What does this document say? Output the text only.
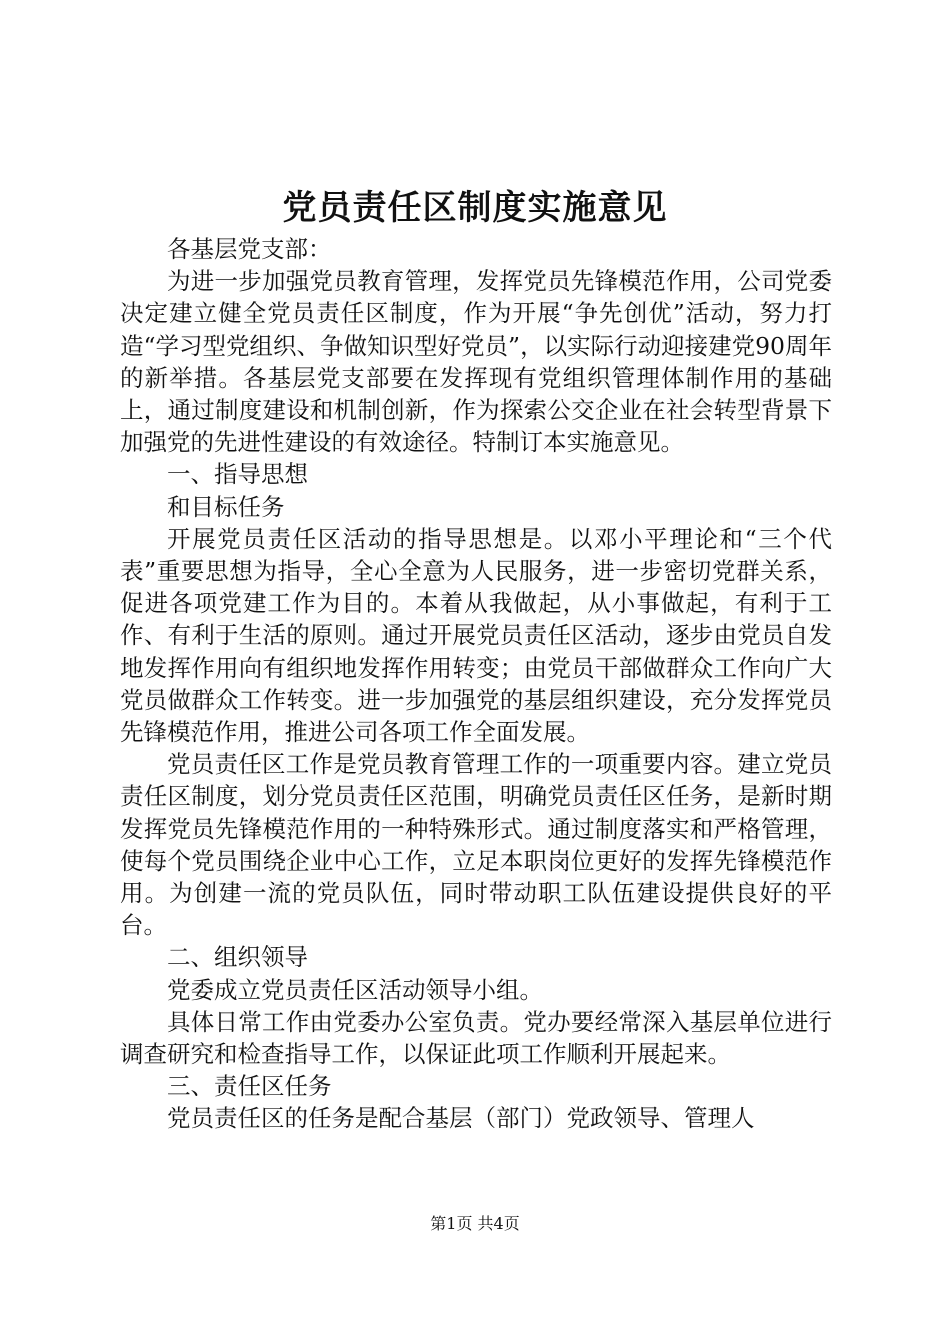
党员责任区制度实施意见

各基层党支部：

为进一步加强党员教育管理，发挥党员先锋模范作用，公司党委决定建立健全党员责任区制度，作为开展“争先创优”活动，努力打造“学习型党组织、争做知识型好党员”，以实际行动迎接建党90周年的新举措。各基层党支部要在发挥现有党组织管理体制作用的基础上，通过制度建设和机制创新，作为探索公交企业在社会转型背景下加强党的先进性建设的有效途径。特制订本实施意见。

一、指导思想

和目标任务

开展党员责任区活动的指导思想是。以邓小平理论和“三个代表”重要思想为指导，全心全意为人民服务，进一步密切党群关系，促进各项党建工作为目的。本着从我做起，从小事做起，有利于工作、有利于生活的原则。通过开展党员责任区活动，逐步由党员自发地发挥作用向有组织地发挥作用转变；由党员干部做群众工作向广大党员做群众工作转变。进一步加强党的基层组织建设，充分发挥党员先锋模范作用，推进公司各项工作全面发展。

党员责任区工作是党员教育管理工作的一项重要内容。建立党员责任区制度，划分党员责任区范围，明确党员责任区任务，是新时期发挥党员先锋模范作用的一种特殊形式。通过制度落实和严格管理，使每个党员围绕企业中心工作，立足本职岗位更好的发挥先锋模范作用。为创建一流的党员队伍，同时带动职工队伍建设提供良好的平台。

二、组织领导

党委成立党员责任区活动领导小组。

具体日常工作由党委办公室负责。党办要经常深入基层单位进行调查研究和检查指导工作，以保证此项工作顺利开展起来。

三、责任区任务

党员责任区的任务是配合基层（部门）党政领导、管理人

第1页 共4页
